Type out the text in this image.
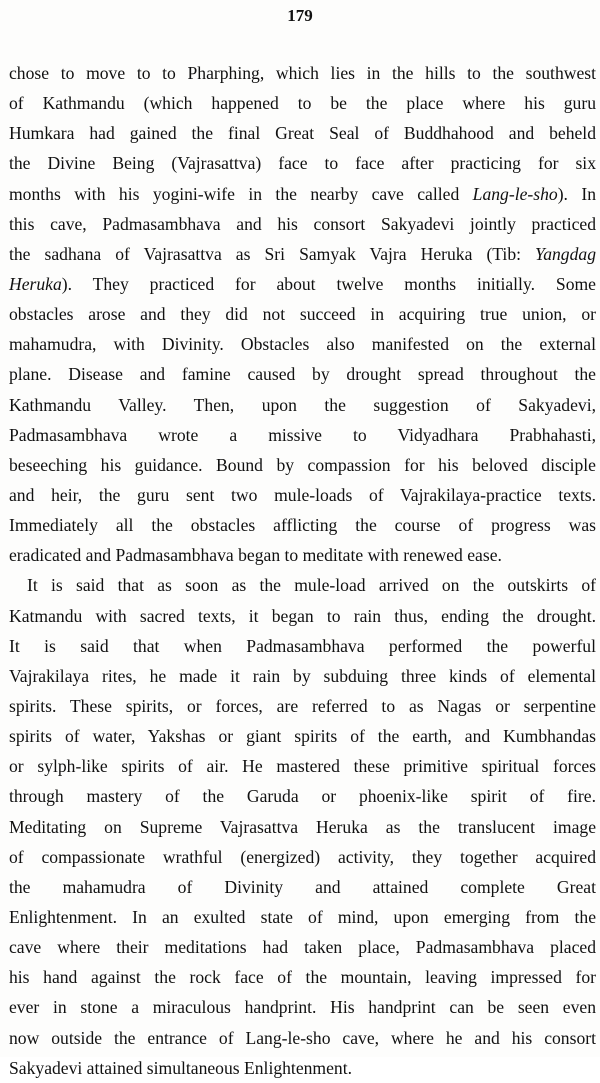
179
chose to move to to Pharphing, which lies in the hills to the southwest
of Kathmandu (which happened to be the place where his guru
Humkara had gained the final Great Seal of Buddhahood and beheld
the Divine Being (Vajrasattva) face to face after practicing for six
months with his yogini-wife in the nearby cave called Lang-le-sho). In
this cave, Padmasambhava and his consort Sakyadevi jointly practiced
the sadhana of Vajrasattva as Sri Samyak Vajra Heruka (Tib: Yangdag
Heruka). They practiced for about twelve months initially. Some
obstacles arose and they did not succeed in acquiring true union, or
mahamudra, with Divinity. Obstacles also manifested on the external
plane. Disease and famine caused by drought spread throughout the
Kathmandu Valley. Then, upon the suggestion of Sakyadevi,
Padmasambhava wrote a missive to Vidyadhara Prabhahasti,
beseeching his guidance. Bound by compassion for his beloved disciple
and heir, the guru sent two mule-loads of Vajrakilaya-practice texts.
Immediately all the obstacles afflicting the course of progress was
eradicated and Padmasambhava began to meditate with renewed ease.
It is said that as soon as the mule-load arrived on the outskirts of
Katmandu with sacred texts, it began to rain thus, ending the drought.
It is said that when Padmasambhava performed the powerful
Vajrakilaya rites, he made it rain by subduing three kinds of elemental
spirits. These spirits, or forces, are referred to as Nagas or serpentine
spirits of water, Yakshas or giant spirits of the earth, and Kumbhandas
or sylph-like spirits of air. He mastered these primitive spiritual forces
through mastery of the Garuda or phoenix-like spirit of fire.
Meditating on Supreme Vajrasattva Heruka as the translucent image
of compassionate wrathful (energized) activity, they together acquired
the mahamudra of Divinity and attained complete Great
Enlightenment. In an exulted state of mind, upon emerging from the
cave where their meditations had taken place, Padmasambhava placed
his hand against the rock face of the mountain, leaving impressed for
ever in stone a miraculous handprint. His handprint can be seen even
now outside the entrance of Lang-le-sho cave, where he and his consort
Sakyadevi attained simultaneous Enlightenment.
